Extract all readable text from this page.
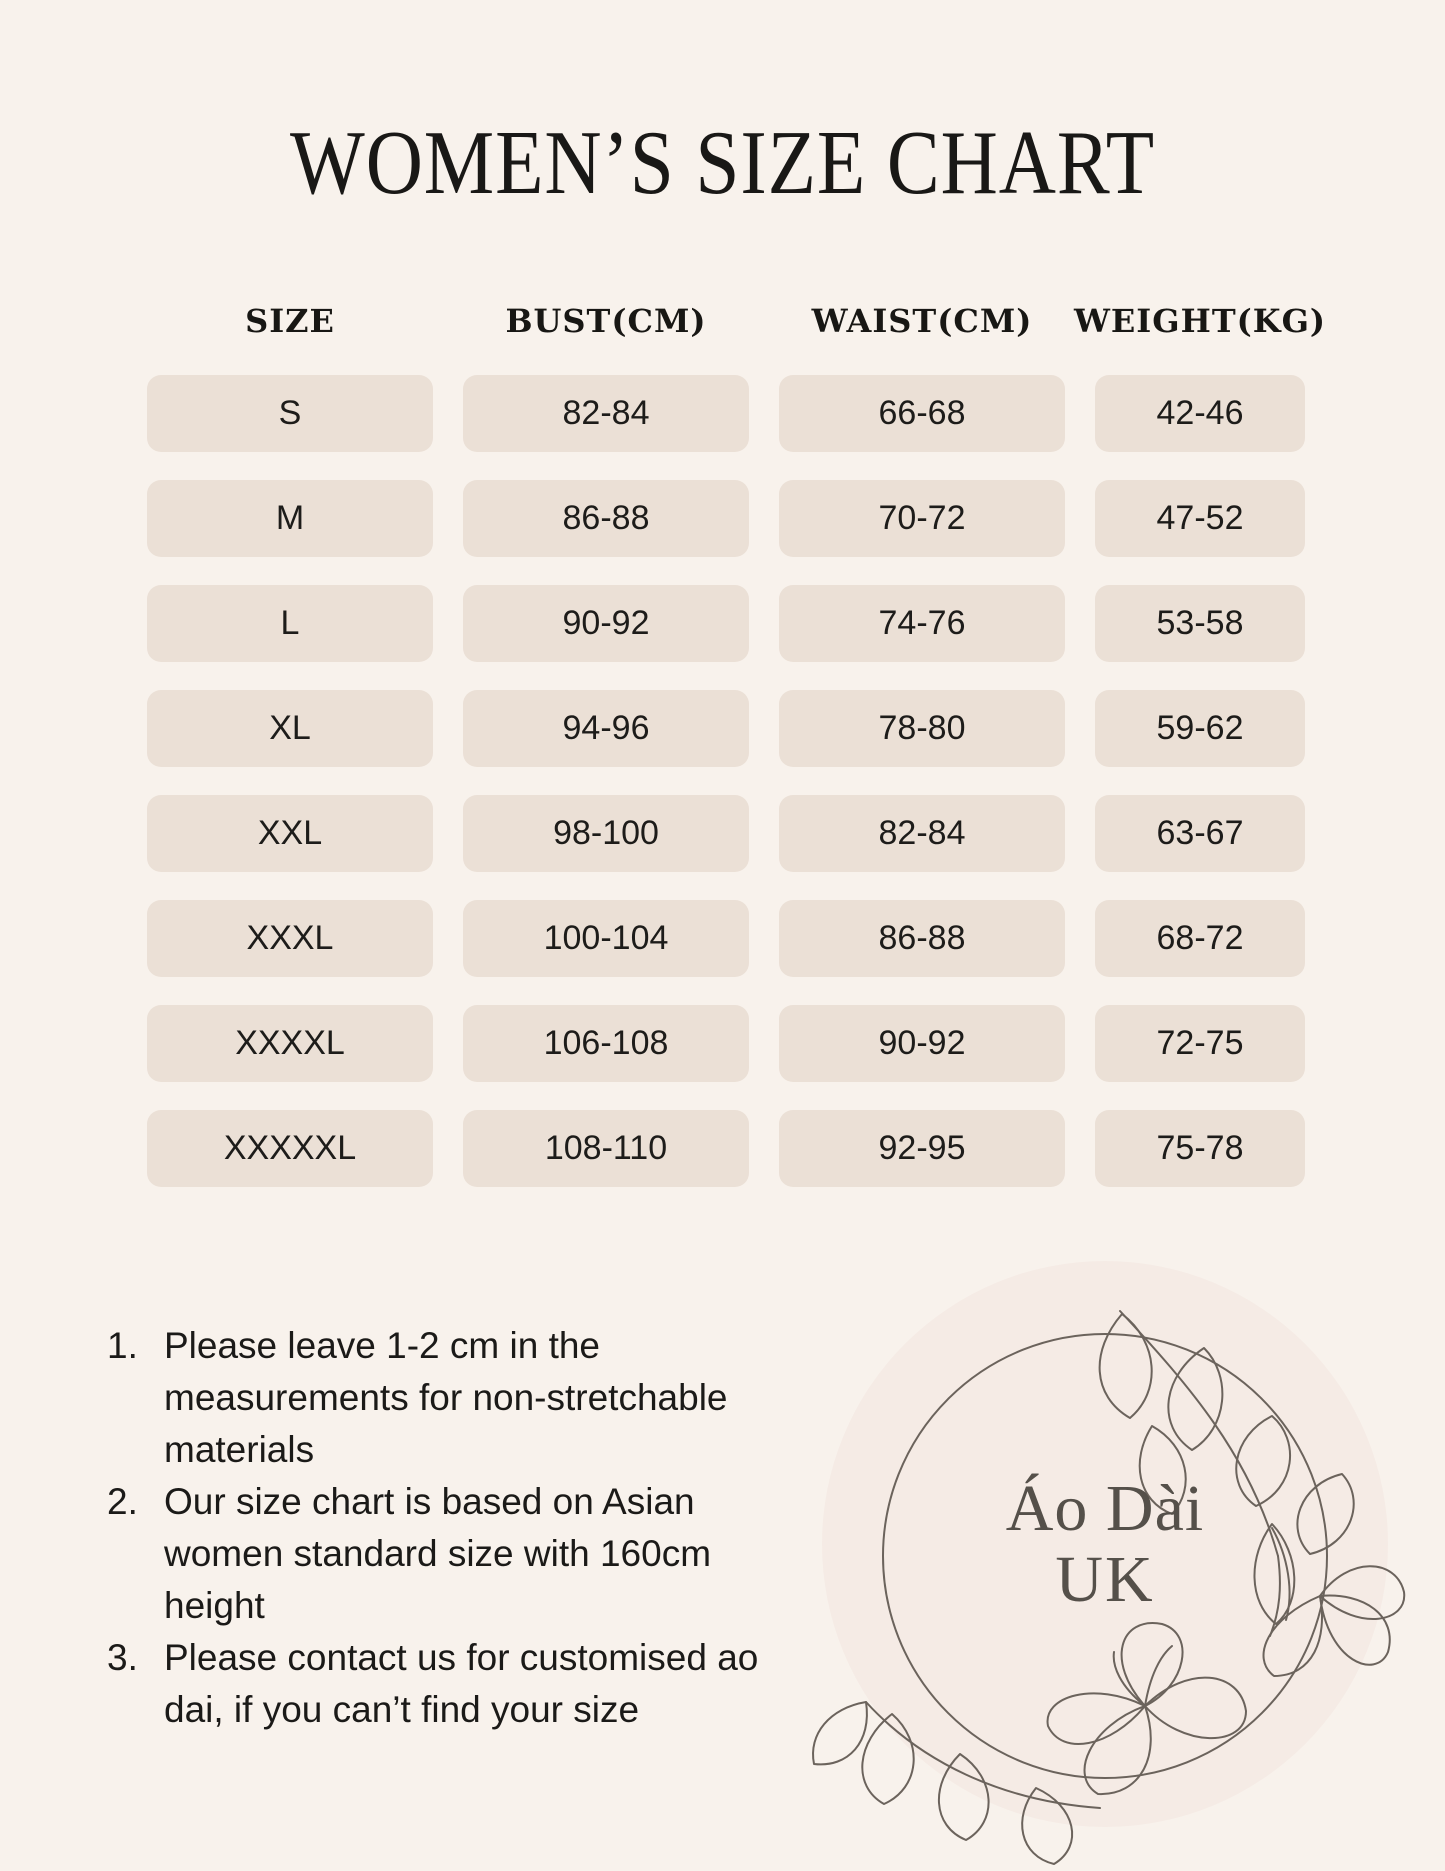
WOMEN’S SIZE CHART
SIZE	BUST(CM)	WAIST(CM)	WEIGHT(KG)
S	82-84	66-68	42-46
M	86-88	70-72	47-52
L	90-92	74-76	53-58
XL	94-96	78-80	59-62
XXL	98-100	82-84	63-67
XXXL	100-104	86-88	68-72
XXXXL	106-108	90-92	72-75
XXXXXL	108-110	92-95	75-78
1. Please leave 1-2 cm in the
measurements for non-stretchable
materials
2. Our size chart is based on Asian
women standard size with 160cm
height
3. Please contact us for customised ao
dai, if you can’t find your size
Áo Dài
UK
